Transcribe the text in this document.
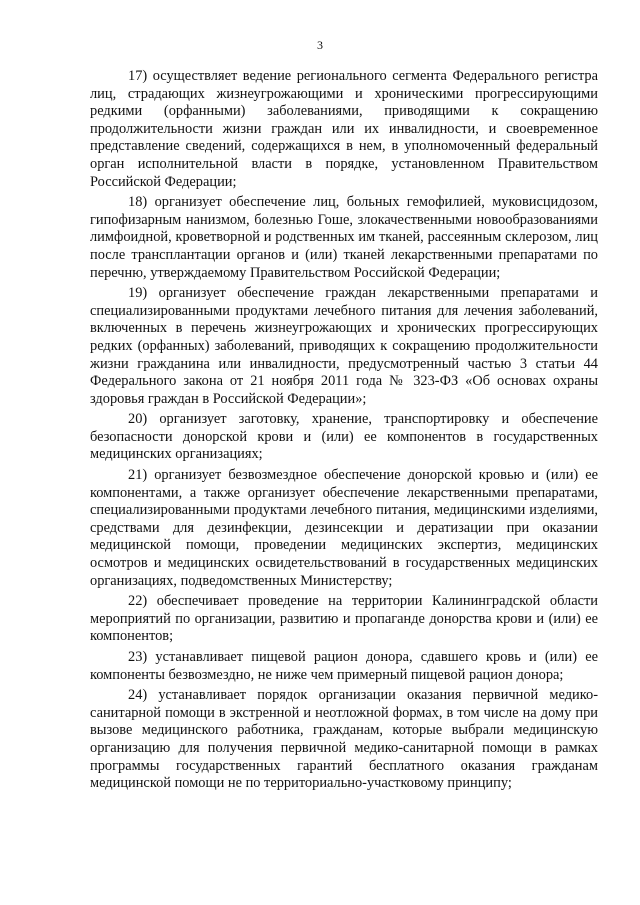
3

17) осуществляет ведение регионального сегмента Федерального регистра лиц, страдающих жизнеугрожающими и хроническими прогрессирующими редкими (орфанными) заболеваниями, приводящими к сокращению продолжительности жизни граждан или их инвалидности, и своевременное представление сведений, содержащихся в нем, в уполномоченный федеральный орган исполнительной власти в порядке, установленном Правительством Российской Федерации;

18) организует обеспечение лиц, больных гемофилией, муковисцидозом, гипофизарным нанизмом, болезнью Гоше, злокачественными новообразованиями лимфоидной, кроветворной и родственных им тканей, рассеянным склерозом, лиц после трансплантации органов и (или) тканей лекарственными препаратами по перечню, утверждаемому Правительством Российской Федерации;

19) организует обеспечение граждан лекарственными препаратами и специализированными продуктами лечебного питания для лечения заболеваний, включенных в перечень жизнеугрожающих и хронических прогрессирующих редких (орфанных) заболеваний, приводящих к сокращению продолжительности жизни гражданина или инвалидности, предусмотренный частью 3 статьи 44 Федерального закона от 21 ноября 2011 года № 323-ФЗ «Об основах охраны здоровья граждан в Российской Федерации»;

20) организует заготовку, хранение, транспортировку и обеспечение безопасности донорской крови и (или) ее компонентов в государственных медицинских организациях;

21) организует безвозмездное обеспечение донорской кровью и (или) ее компонентами, а также организует обеспечение лекарственными препаратами, специализированными продуктами лечебного питания, медицинскими изделиями, средствами для дезинфекции, дезинсекции и дератизации при оказании медицинской помощи, проведении медицинских экспертиз, медицинских осмотров и медицинских освидетельствований в государственных медицинских организациях, подведомственных Министерству;

22) обеспечивает проведение на территории Калининградской области мероприятий по организации, развитию и пропаганде донорства крови и (или) ее компонентов;

23) устанавливает пищевой рацион донора, сдавшего кровь и (или) ее компоненты безвозмездно, не ниже чем примерный пищевой рацион донора;

24) устанавливает порядок организации оказания первичной медико-санитарной помощи в экстренной и неотложной формах, в том числе на дому при вызове медицинского работника, гражданам, которые выбрали медицинскую организацию для получения первичной медико-санитарной помощи в рамках программы государственных гарантий бесплатного оказания гражданам медицинской помощи не по территориально-участковому принципу;
